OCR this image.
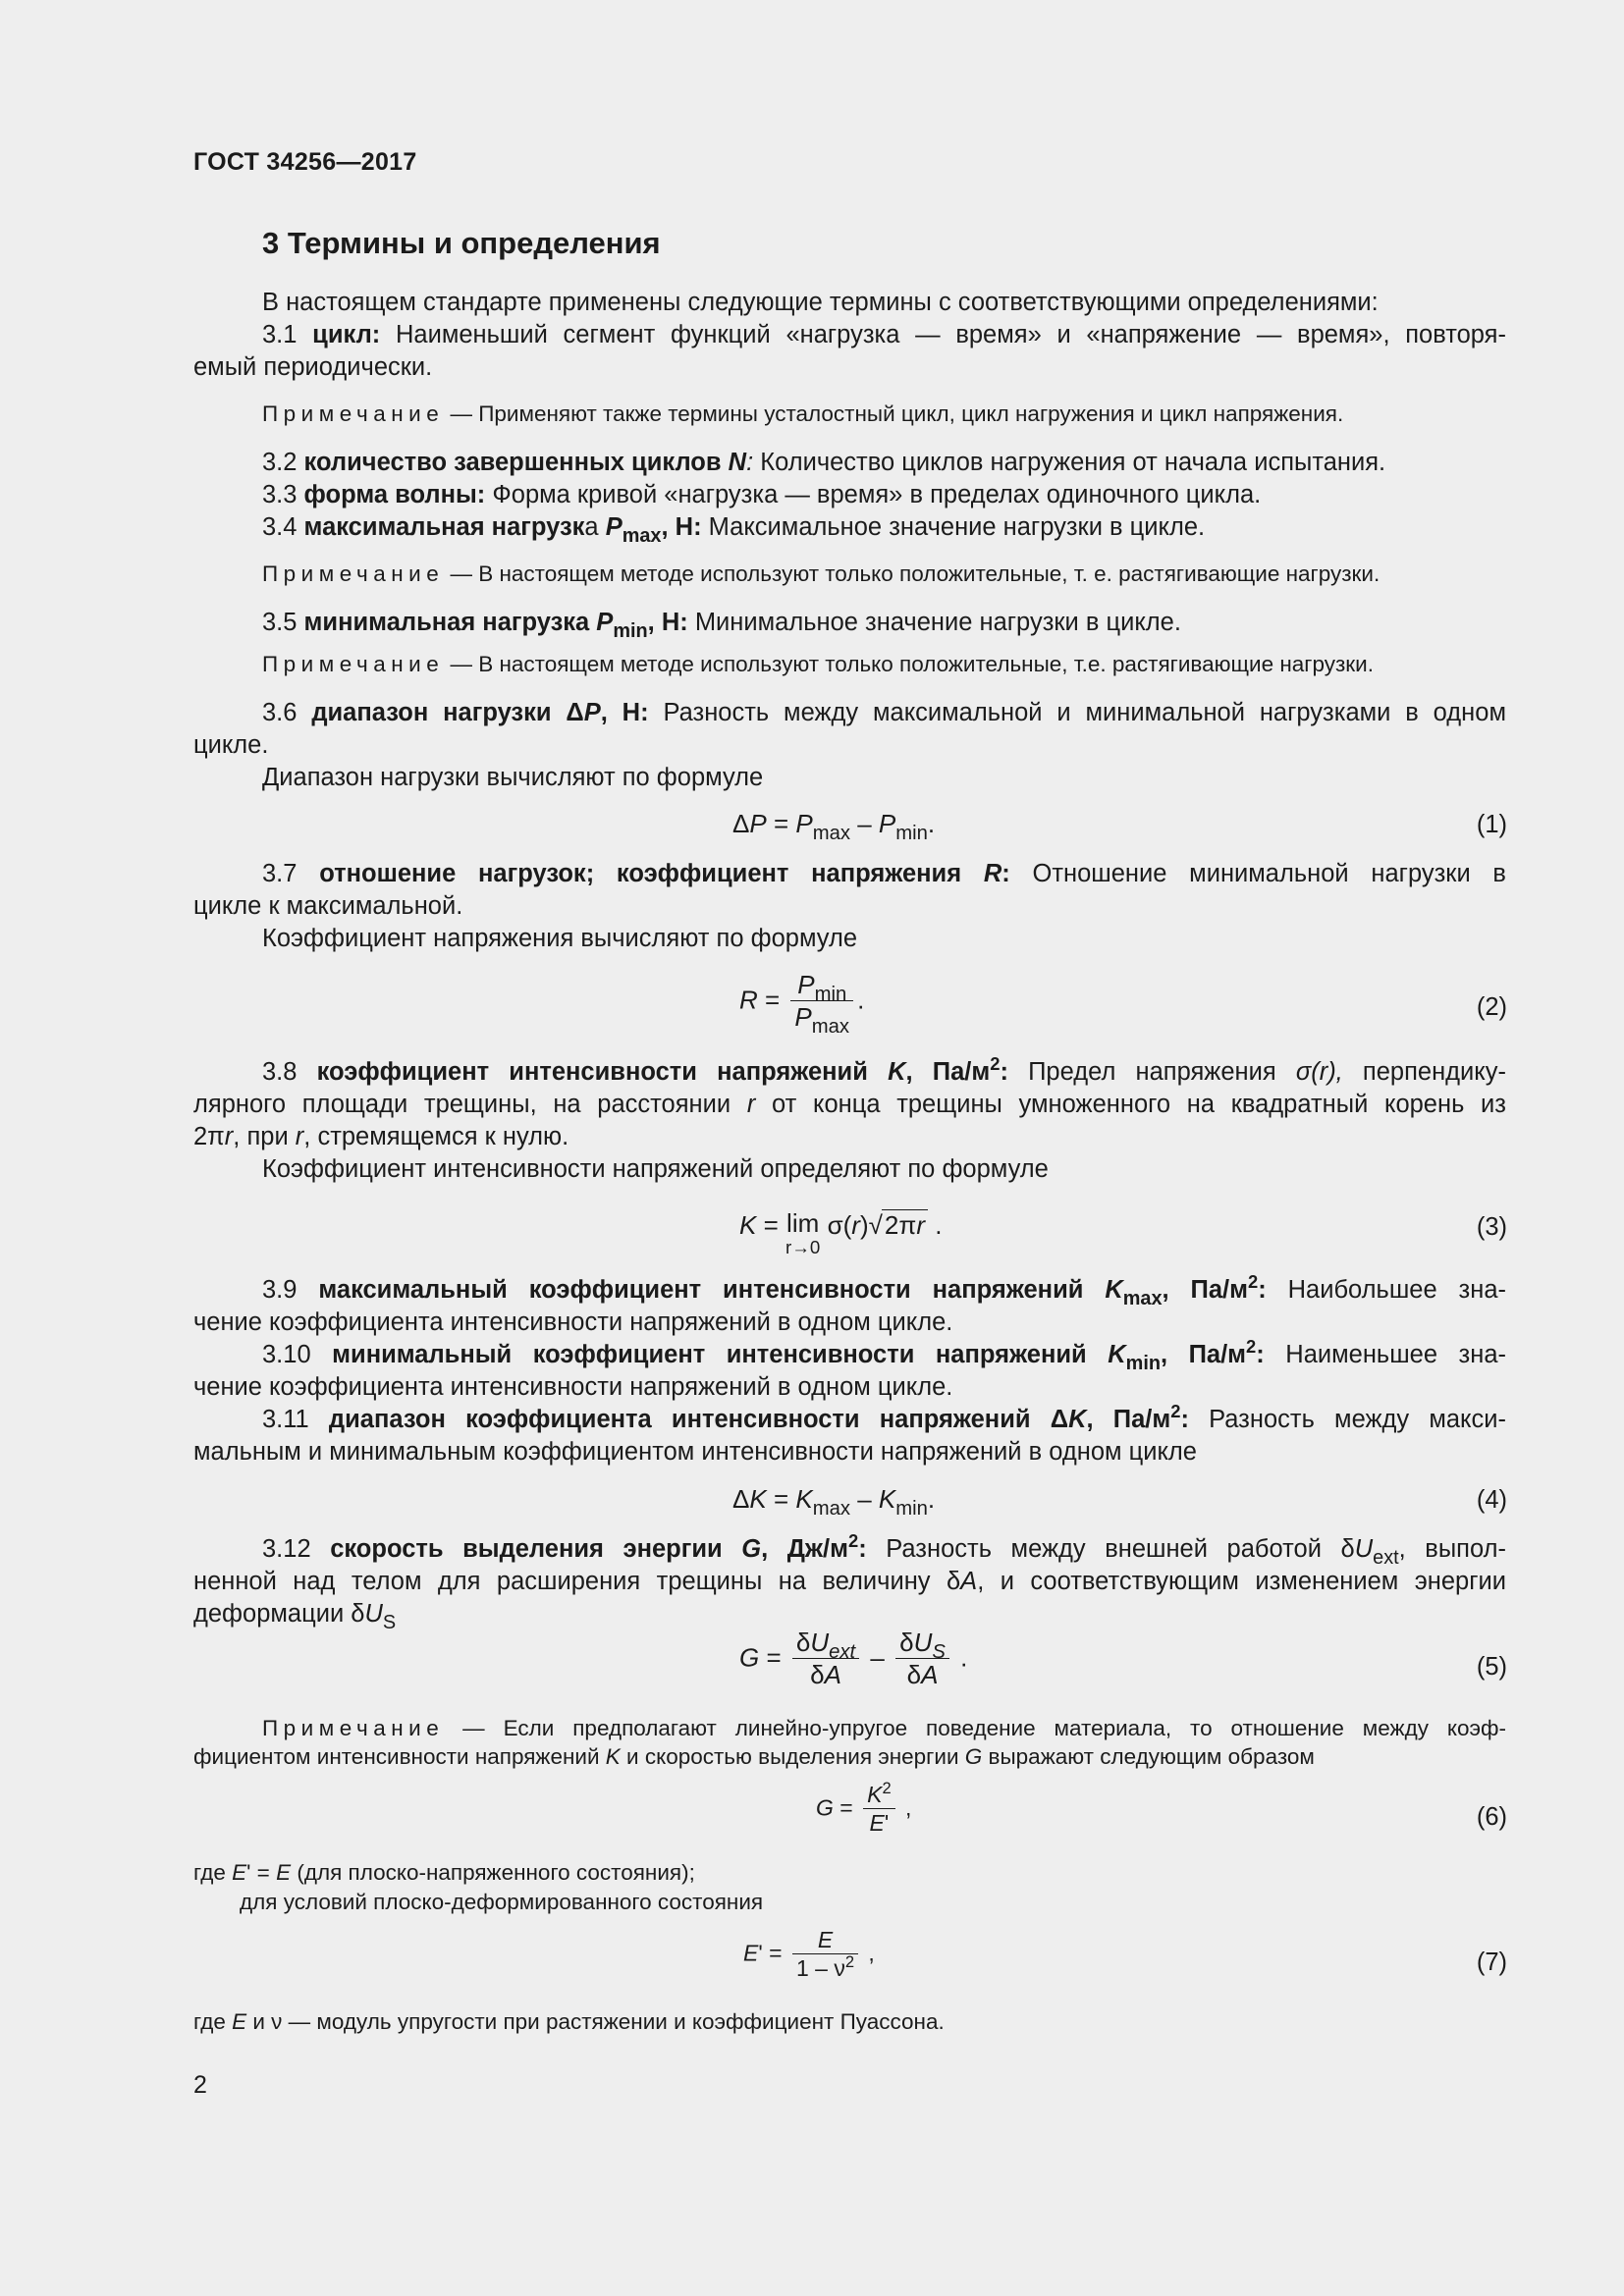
ГОСТ 34256—2017
3 Термины и определения
В настоящем стандарте применены следующие термины с соответствующими определениями:
3.1 цикл: Наименьший сегмент функций «нагрузка — время» и «напряжение — время», повторя-
емый периодически.
Примечание — Применяют также термины усталостный цикл, цикл нагружения и цикл напряжения.
3.2 количество завершенных циклов N: Количество циклов нагружения от начала испытания.
3.3 форма волны: Форма кривой «нагрузка — время» в пределах одиночного цикла.
3.4 максимальная нагрузка $P_{max}$, Н: Максимальное значение нагрузки в цикле.
Примечание — В настоящем методе используют только положительные, т. е. растягивающие нагрузки.
3.5 минимальная нагрузка $P_{min}$, Н: Минимальное значение нагрузки в цикле.
Примечание — В настоящем методе используют только положительные, т.е. растягивающие нагрузки.
3.6 диапазон нагрузки ΔP, Н: Разность между максимальной и минимальной нагрузками в одном
цикле.
Диапазон нагрузки вычисляют по формуле
$\Delta P = P_{max} - P_{min}$.	(1)
3.7 отношение нагрузок; коэффициент напряжения R: Отношение минимальной нагрузки в
цикле к максимальной.
Коэффициент напряжения вычисляют по формуле
$R = \frac{P_{min}}{P_{max}}$ .	(2)
3.8 коэффициент интенсивности напряжений K, $Па/м^2$: Предел напряжения σ(r), перпендику-
лярного площади трещины, на расстоянии r от конца трещины умноженного на квадратный корень из
2πr, при r, стремящемся к нулю.
Коэффициент интенсивности напряжений определяют по формуле
K = lim
r→0
σ(r)√2πr .	(3)
3.9 максимальный коэффициент интенсивности напряжений $K_{max}$, $Па/м^2$: Наибольшее зна-
чение коэффициента интенсивности напряжений в одном цикле.
3.10 минимальный коэффициент интенсивности напряжений $K_{min}$, $Па/м^2$: Наименьшее зна-
чение коэффициента интенсивности напряжений в одном цикле.
3.11 диапазон коэффициента интенсивности напряжений ΔK, $Па/м^2$: Разность между макси-
мальным и минимальным коэффициентом интенсивности напряжений в одном цикле
$\Delta K = K_{max} - K_{min}$.	(4)
3.12 скорость выделения энергии G, $Дж/м^2$: Разность между внешней работой $\delta U_{ext}$, выпол-
ненной над телом для расширения трещины на величину δA, и соответствующим изменением энергии
деформации $\delta U_S$
$G = \frac{\delta U_{ext}}{\delta A} - \frac{\delta U_S}{\delta A}$ .	(5)
Примечание — Если предполагают линейно-упругое поведение материала, то отношение между коэф-
фициентом интенсивности напряжений K и скоростью выделения энергии G выражают следующим образом
$G = \frac{K^2}{E'}$ ,	(6)
где E' = E (для плоско-напряженного состояния);
для условий плоско-деформированного состояния
$E' = \frac{E}{1 - \nu^2}$ ,	(7)
где E и ν — модуль упругости при растяжении и коэффициент Пуассона.
2
